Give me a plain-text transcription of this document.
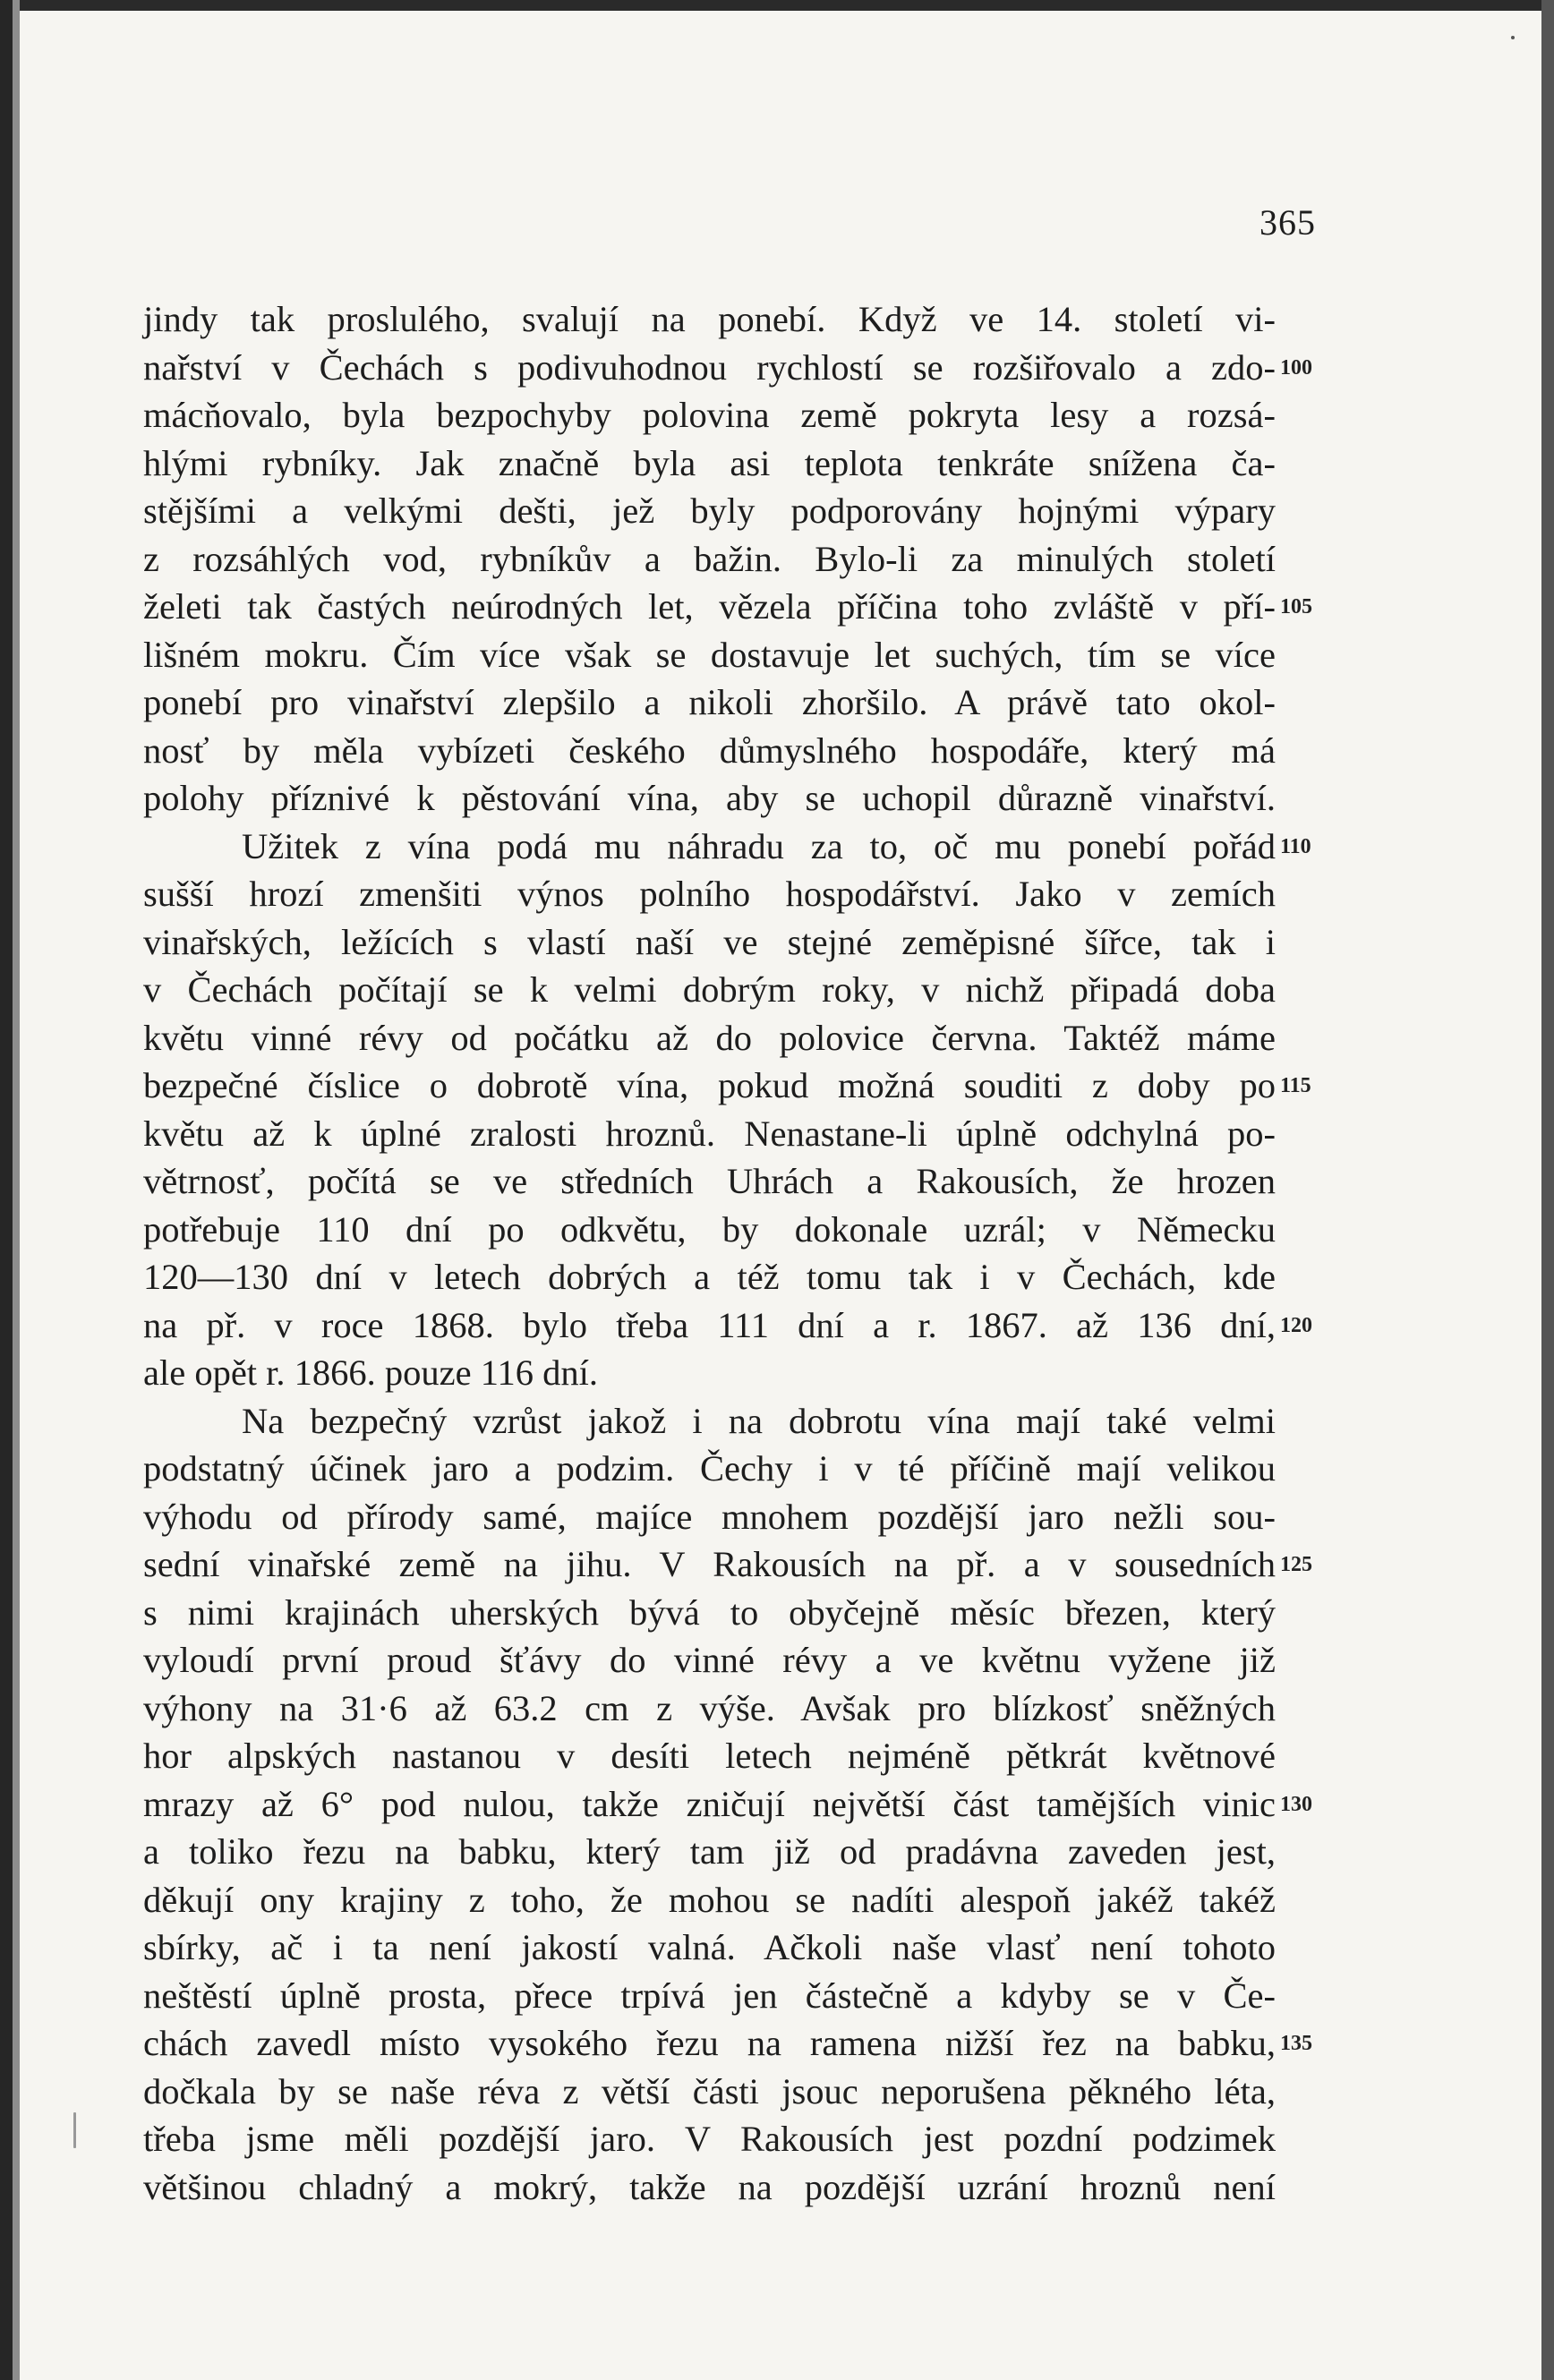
365
jindy tak proslulého, svalují na ponebí. Když ve 14. století vi-
nařství v Čechách s podivuhodnou rychlostí se rozšiřovalo a zdo-
mácňovalo, byla bezpochyby polovina země pokryta lesy a rozsá-
hlými rybníky. Jak značně byla asi teplota tenkráte snížena ča-
stějšími a velkými dešti, jež byly podporovány hojnými výpary
z rozsáhlých vod, rybníkův a bažin. Bylo-li za minulých století
želeti tak častých neúrodných let, vězela příčina toho zvláště v pří-
lišném mokru. Čím více však se dostavuje let suchých, tím se více
ponebí pro vinařství zlepšilo a nikoli zhoršilo. A právě tato okol-
nosť by měla vybízeti českého důmyslného hospodáře, který má
polohy příznivé k pěstování vína, aby se uchopil důrazně vinařství.
Užitek z vína podá mu náhradu za to, oč mu ponebí pořád
sušší hrozí zmenšiti výnos polního hospodářství. Jako v zemích
vinařských, ležících s vlastí naší ve stejné zeměpisné šířce, tak i
v Čechách počítají se k velmi dobrým roky, v nichž připadá doba
květu vinné révy od počátku až do polovice června. Taktéž máme
bezpečné číslice o dobrotě vína, pokud možná souditi z doby po
květu až k úplné zralosti hroznů. Nenastane-li úplně odchylná po-
větrnosť, počítá se ve středních Uhrách a Rakousích, že hrozen
potřebuje 110 dní po odkvětu, by dokonale uzrál; v Německu
120—130 dní v letech dobrých a též tomu tak i v Čechách, kde
na př. v roce 1868. bylo třeba 111 dní a r. 1867. až 136 dní,
ale opět r. 1866. pouze 116 dní.
Na bezpečný vzrůst jakož i na dobrotu vína mají také velmi
podstatný účinek jaro a podzim. Čechy i v té příčině mají velikou
výhodu od přírody samé, majíce mnohem pozdější jaro nežli sou-
sední vinařské země na jihu. V Rakousích na př. a v sousedních
s nimi krajinách uherských bývá to obyčejně měsíc březen, který
vyloudí první proud šťávy do vinné révy a ve květnu vyžene již
výhony na 31·6 až 63.2 cm z výše. Avšak pro blízkosť sněžných
hor alpských nastanou v desíti letech nejméně pětkrát květnové
mrazy až 6° pod nulou, takže zničují největší část tamějších vinic
a toliko řezu na babku, který tam již od pradávna zaveden jest,
děkují ony krajiny z toho, že mohou se nadíti alespoň jakéž takéž
sbírky, ač i ta není jakostí valná. Ačkoli naše vlasť není tohoto
neštěstí úplně prosta, přece trpívá jen částečně a kdyby se v Če-
chách zavedl místo vysokého řezu na ramena nižší řez na babku,
dočkala by se naše réva z větší části jsouc neporušena pěkného léta,
třeba jsme měli pozdější jaro. V Rakousích jest pozdní podzimek
většinou chladný a mokrý, takže na pozdější uzrání hroznů není
100
105
110
115
120
125
130
135
